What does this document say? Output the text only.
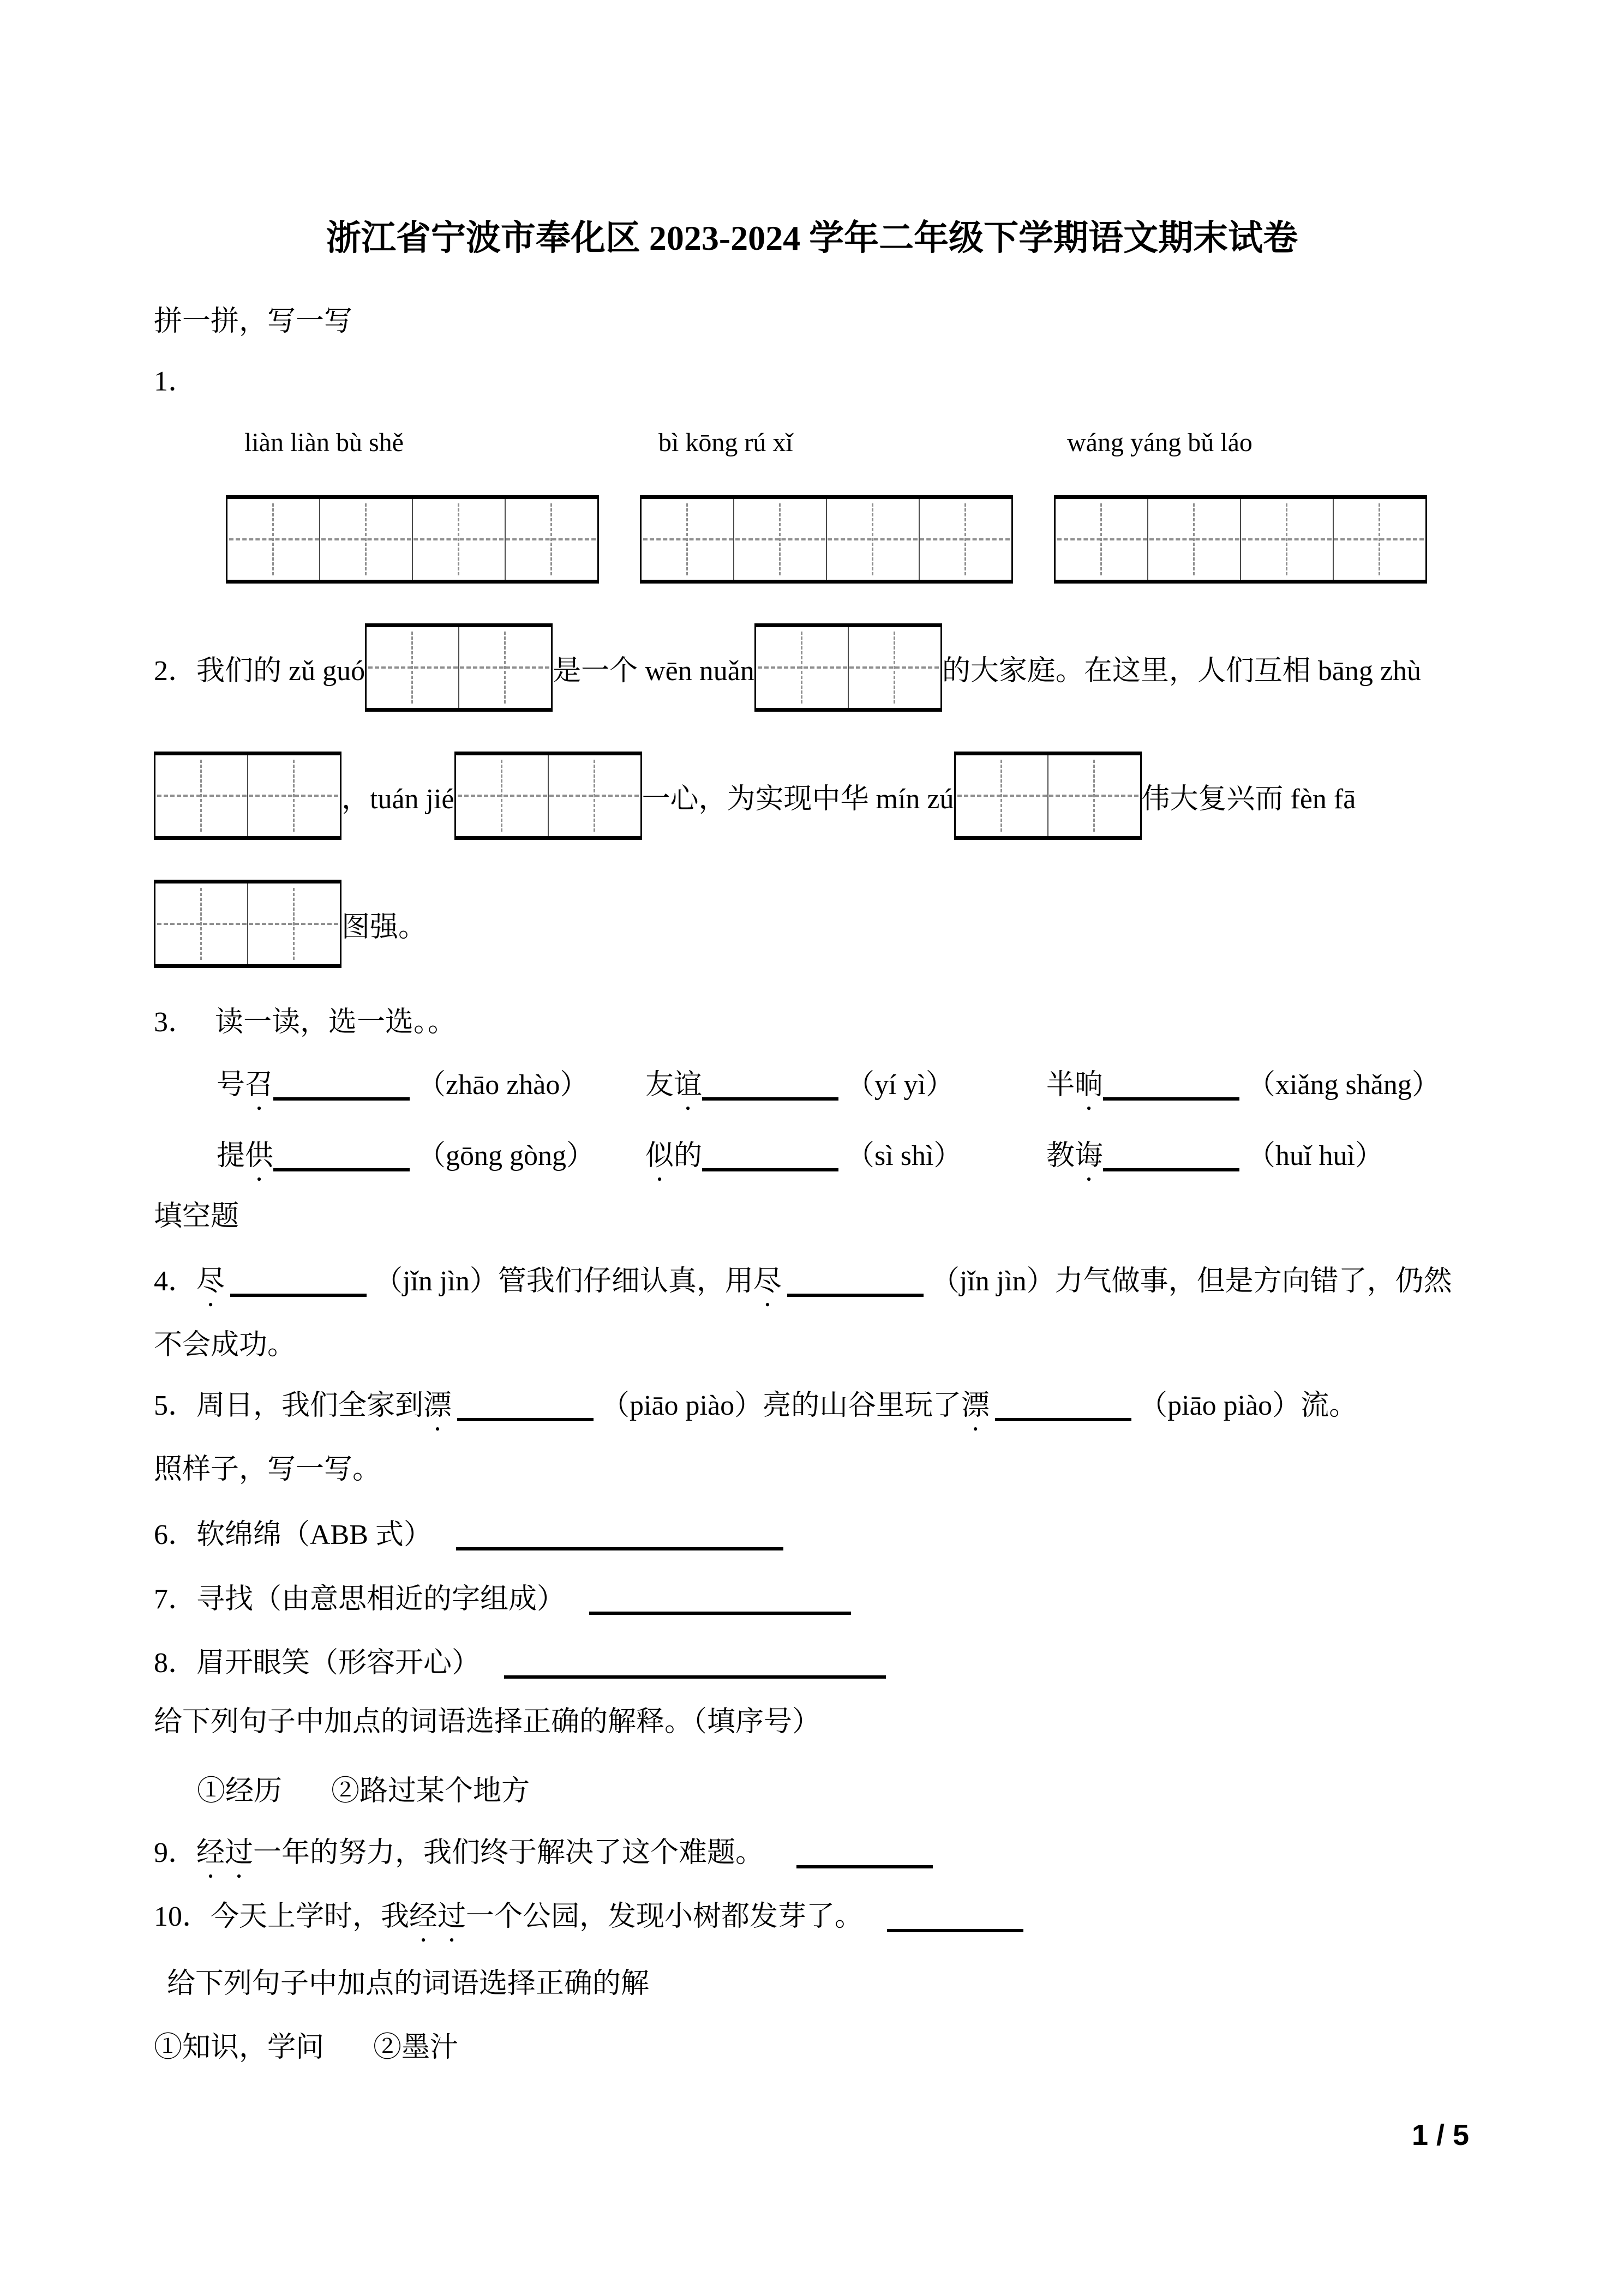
浙江省宁波市奉化区 2023-2024 学年二年级下学期语文期末试卷
拼一拼，写一写
1．
liàn liàn bù shě	bì kōng rú xǐ	wáng yáng bǔ láo
2．我们的 zǔ guó	是一个 wēn nuǎn	的大家庭。在这里，人们互相 bāng zhù
，tuán jié	一心，为实现中华 mín zú	伟大复兴而 fèn fā
图强。
3． 读一读，选一选。。
号召	（zhāo zhào） 友谊	（yí yì）	半晌	（xiǎng shǎng）
提供	（gōng gòng） 似的	（sì shì）	教诲	（huǐ huì）
填空题
4．尽	（jǐn jìn）管我们仔细认真，用尽	（jǐn jìn）力气做事，但是方向错了，仍然
不会成功。
5．周日，我们全家到漂	（piāo piào）亮的山谷里玩了漂	（piāo piào）流。
照样子，写一写。
6．软绵绵（ABB 式）
7．寻找（由意思相近的字组成）
8．眉开眼笑（形容开心）
给下列句子中加点的词语选择正确的解释。（填序号）
①经历 ②路过某个地方
9．经过一年的努力，我们终于解决了这个难题。
10．今天上学时，我经过一个公园，发现小树都发芽了。
给下列句子中加点的词语选择正确的解
①知识，学问 ②墨汁
1 / 5
